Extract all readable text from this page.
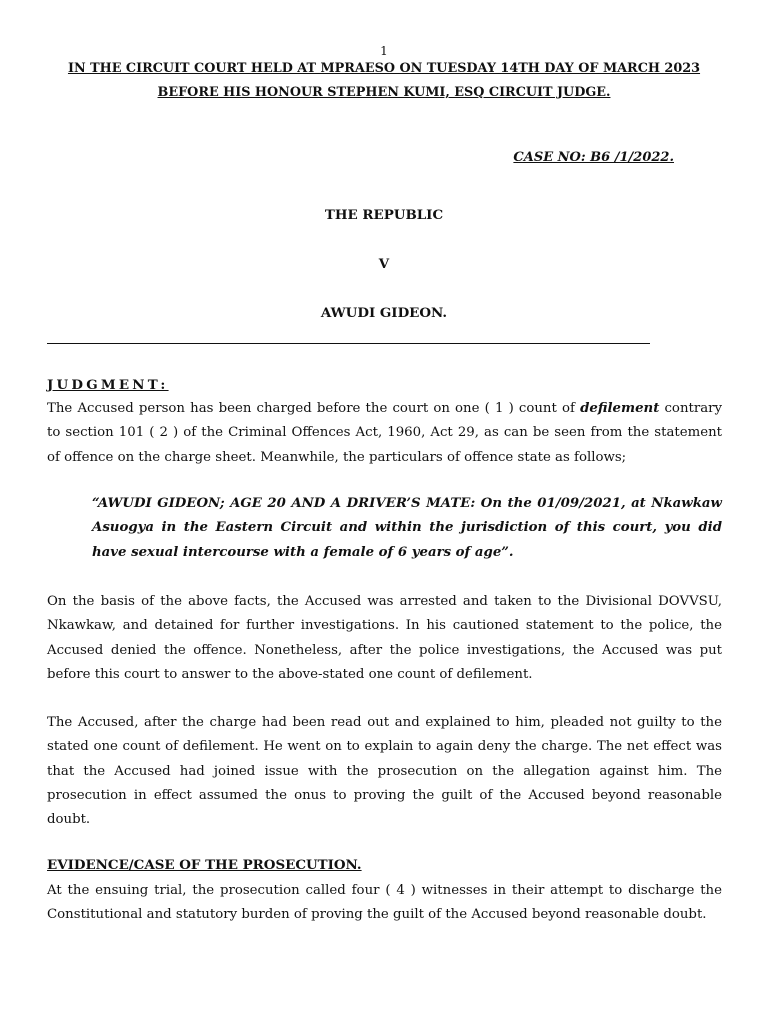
1
IN THE CIRCUIT COURT HELD AT MPRAESO ON TUESDAY 14TH DAY OF MARCH 2023
BEFORE HIS HONOUR STEPHEN KUMI, ESQ CIRCUIT JUDGE.
CASE NO: B6 /1/2022.
THE REPUBLIC
V
AWUDI GIDEON.
JUDGMENT:

The Accused person has been charged before the court on one ( 1 ) count of defilement contrary to section 101 ( 2 ) of the Criminal Offences Act, 1960, Act 29, as can be seen from the statement of offence on the charge sheet. Meanwhile, the particulars of offence state as follows;

“AWUDI GIDEON; AGE 20 AND A DRIVER’S MATE: On the 01/09/2021, at Nkawkaw Asuogya in the Eastern Circuit and within the jurisdiction of this court, you did have sexual intercourse with a female of 6 years of age”.

On the basis of the above facts, the Accused was arrested and taken to the Divisional DOVVSU, Nkawkaw, and detained for further investigations. In his cautioned statement to the police, the Accused denied the offence. Nonetheless, after the police investigations, the Accused was put before this court to answer to the above-stated one count of defilement.

The Accused, after the charge had been read out and explained to him, pleaded not guilty to the stated one count of defilement. He went on to explain to again deny the charge. The net effect was that the Accused had joined issue with the prosecution on the allegation against him. The prosecution in effect assumed the onus to proving the guilt of the Accused beyond reasonable doubt.

EVIDENCE/CASE OF THE PROSECUTION.

At the ensuing trial, the prosecution called four ( 4 ) witnesses in their attempt to discharge the Constitutional and statutory burden of proving the guilt of the Accused beyond reasonable doubt.
